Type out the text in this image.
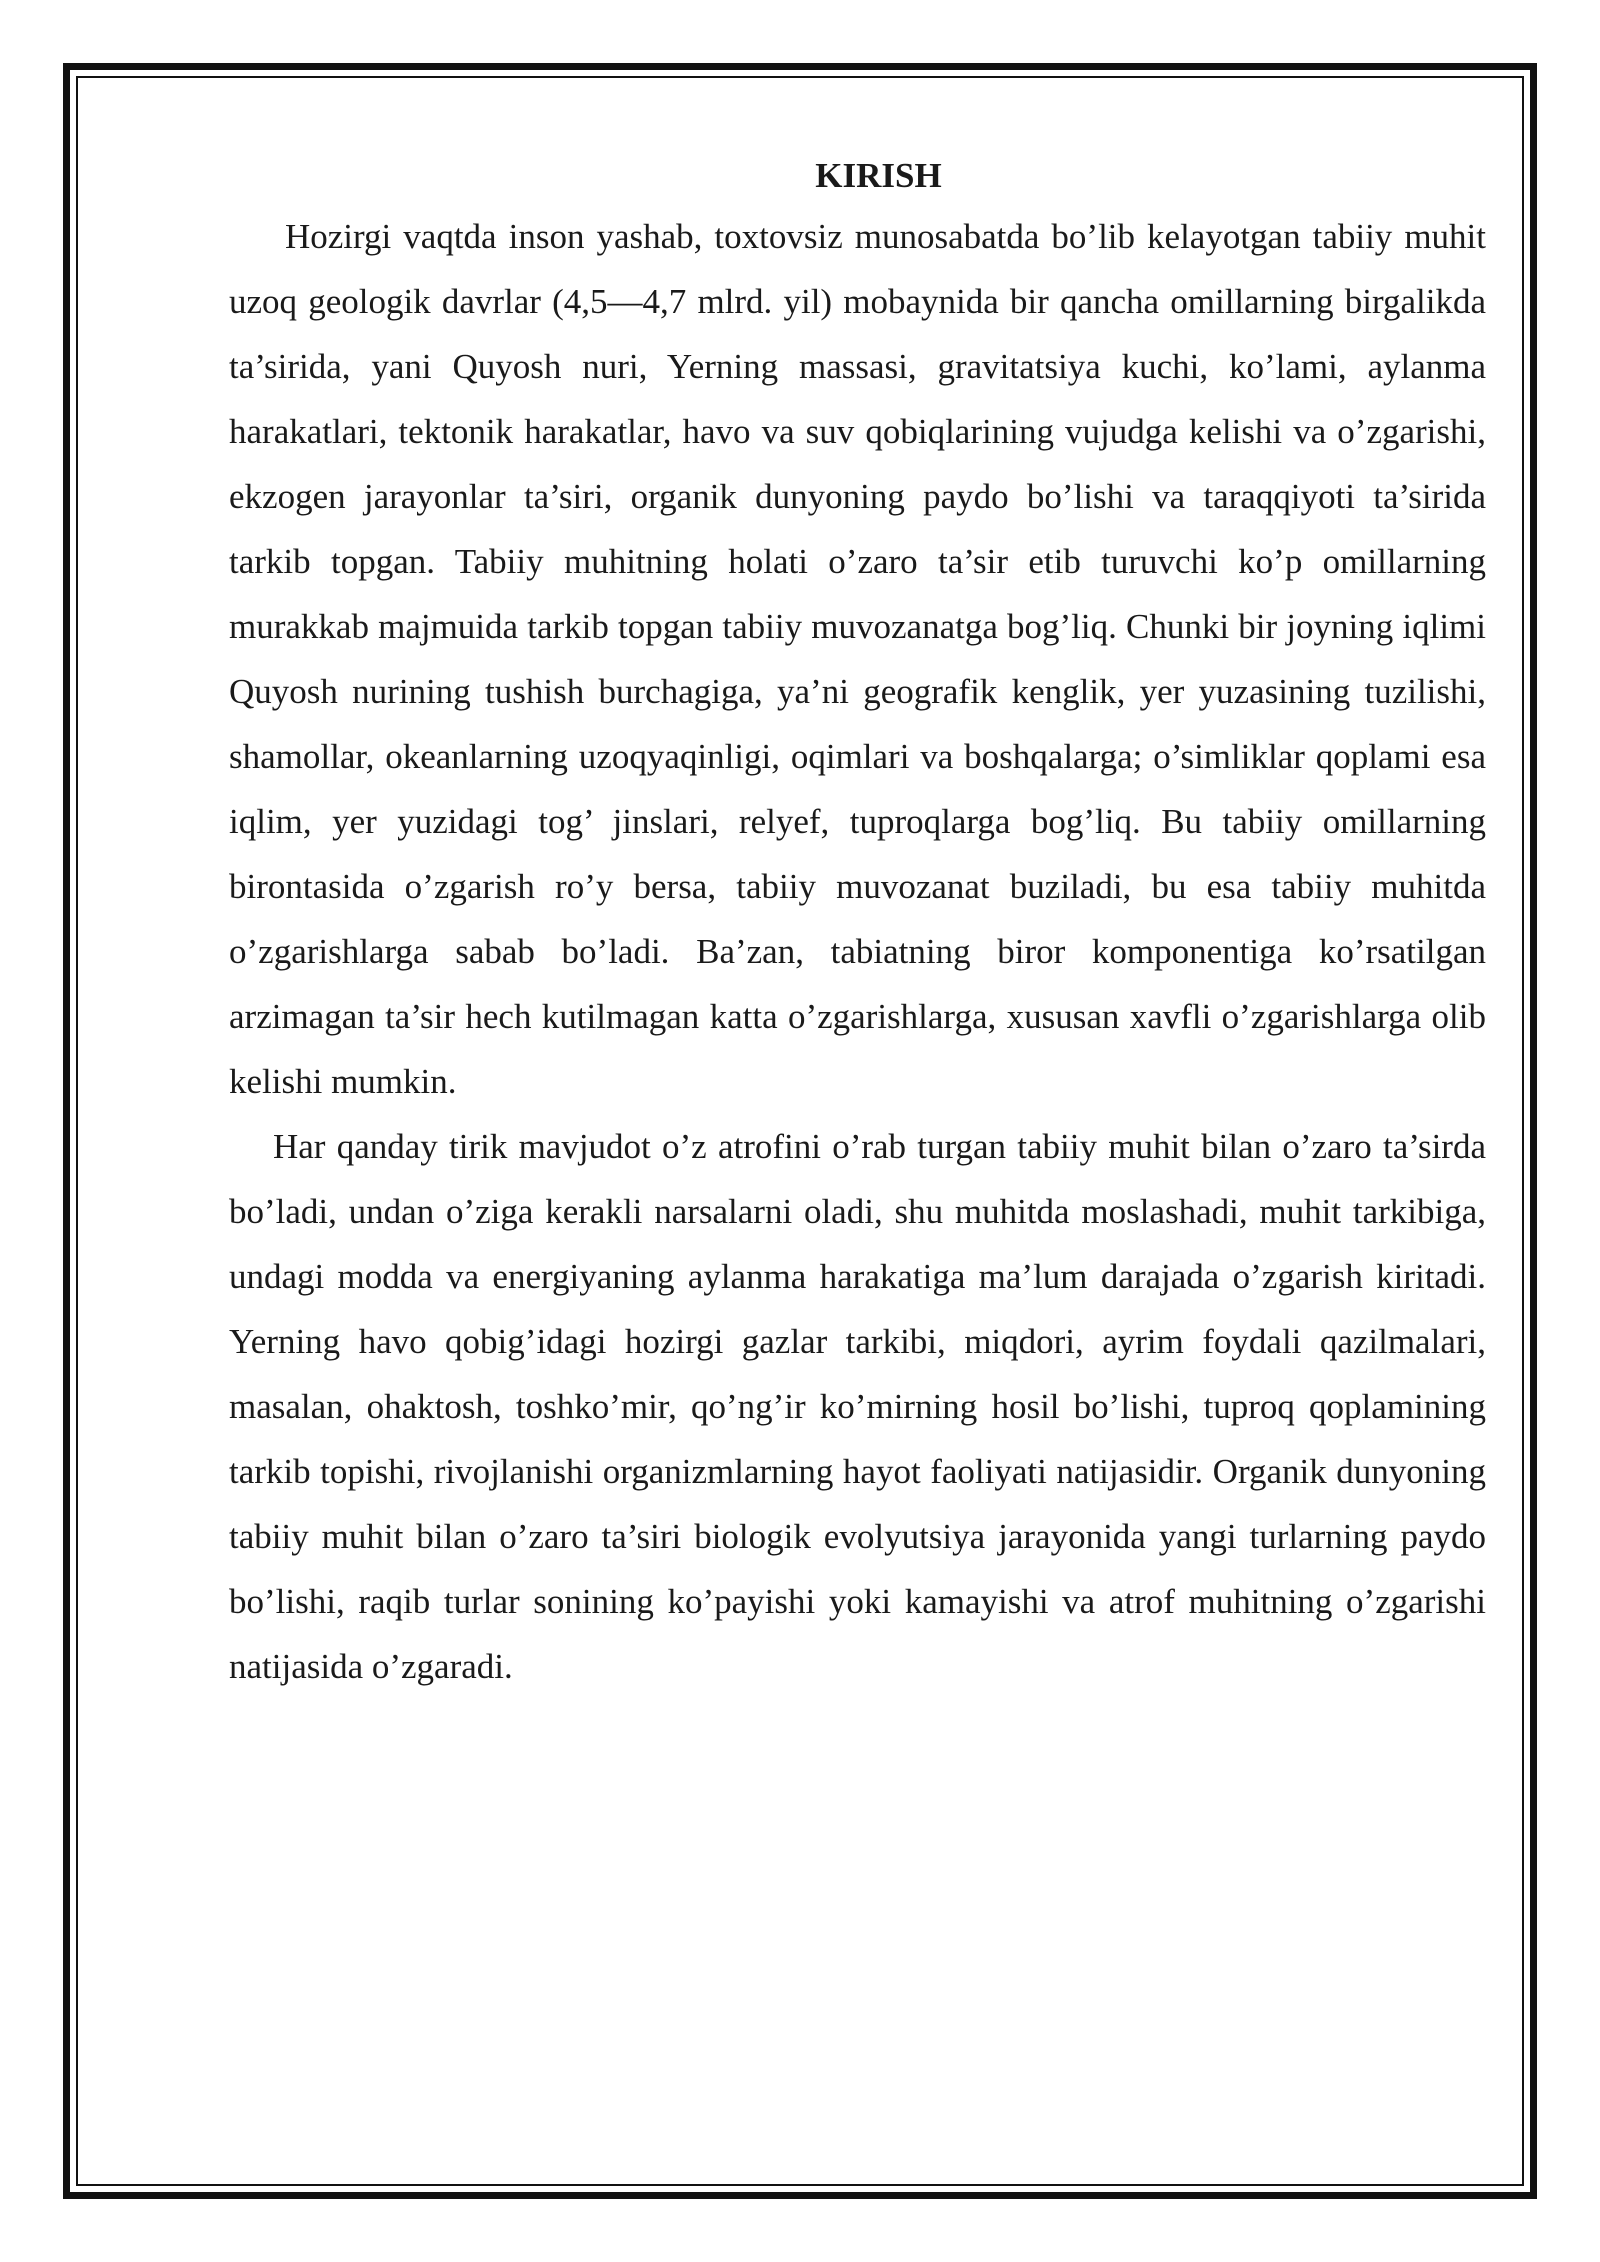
KIRISH

Hozirgi vaqtda inson yashab, toxtovsiz munosabatda bo’lib kelayotgan tabiiy muhit uzoq geologik davrlar (4,5—4,7 mlrd. yil) mobaynida bir qancha omillarning birgalikda ta’sirida, yani Quyosh nuri, Yerning massasi, gravitatsiya kuchi, ko’lami, aylanma harakatlari, tektonik harakatlar, havo va suv qobiqlarining vujudga kelishi va o’zgarishi, ekzogen jarayonlar ta’siri, organik dunyoning paydo bo’lishi va taraqqiyoti ta’sirida tarkib topgan. Tabiiy muhitning holati o’zaro ta’sir etib turuvchi ko’p omillarning murakkab majmuida tarkib topgan tabiiy muvozanatga bog’liq. Chunki bir joyning iqlimi Quyosh nurining tushish burchagiga, ya’ni geografik kenglik, yer yuzasining tuzilishi, shamollar, okeanlarning uzoqyaqinligi, oqimlari va boshqalarga; o’simliklar qoplami esa iqlim, yer yuzidagi tog’ jinslari, relyef, tuproqlarga bog’liq. Bu tabiiy omillarning birontasida o’zgarish ro’y bersa, tabiiy muvozanat buziladi, bu esa tabiiy muhitda o’zgarishlarga sabab bo’ladi. Ba’zan, tabiatning biror komponentiga ko’rsatilgan arzimagan ta’sir hech kutilmagan katta o’zgarishlarga, xususan xavfli o’zgarishlarga olib kelishi mumkin.

Har qanday tirik mavjudot o’z atrofini o’rab turgan tabiiy muhit bilan o’zaro ta’sirda bo’ladi, undan o’ziga kerakli narsalarni oladi, shu muhitda moslashadi, muhit tarkibiga, undagi modda va energiyaning aylanma harakatiga ma’lum darajada o’zgarish kiritadi. Yerning havo qobig’idagi hozirgi gazlar tarkibi, miqdori, ayrim foydali qazilmalari, masalan, ohaktosh, toshko’mir, qo’ng’ir ko’mirning hosil bo’lishi, tuproq qoplamining tarkib topishi, rivojlanishi organizmlarning hayot faoliyati natijasidir. Organik dunyoning tabiiy muhit bilan o’zaro ta’siri biologik evolyutsiya jarayonida yangi turlarning paydo bo’lishi, raqib turlar sonining ko’payishi yoki kamayishi va atrof muhitning o’zgarishi natijasida o’zgaradi.
